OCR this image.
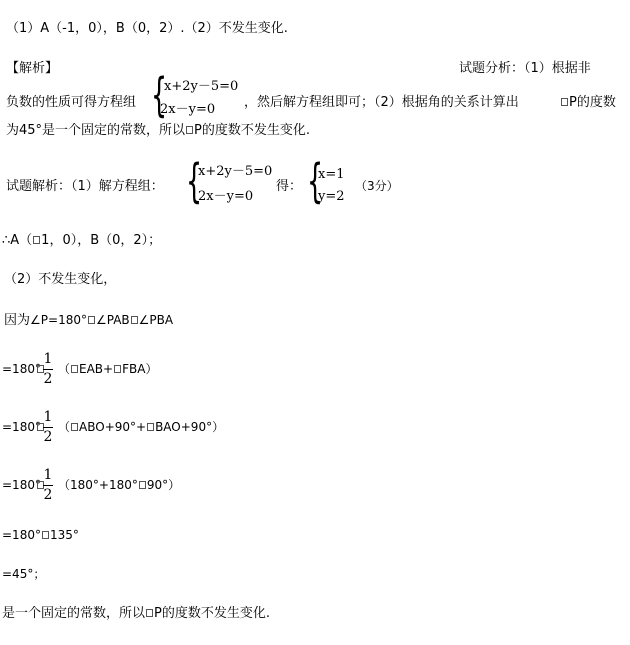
（1）A（-1，0），B（0，2）.（2）不发生变化.
【解析】	试题分析：（1）根据非
负数的性质可得方程组 {
x+2y－5=0
2x－y=0 ，然后解方程组即可；（2）根据角的关系计算出	P的度数
为45°是一个固定的常数，所以 P的度数不发生变化.
试题解析：（1）解方程组： {
x+2y－5=0
2x－y=0
得： {
x=1
y=2
（3分）
∴A（ 1，0），B（0，2）；
（2）不发生变化，
因为∠P=180° ∠PAB ∠PBA
=180°
1
2
（ EAB+ FBA）
=180°
1
2
（ ABO+90°+ BAO+90°）
=180°
1
2
（180°+180° 90°）
=180° 135°
=45°；
是一个固定的常数，所以 P的度数不发生变化.
